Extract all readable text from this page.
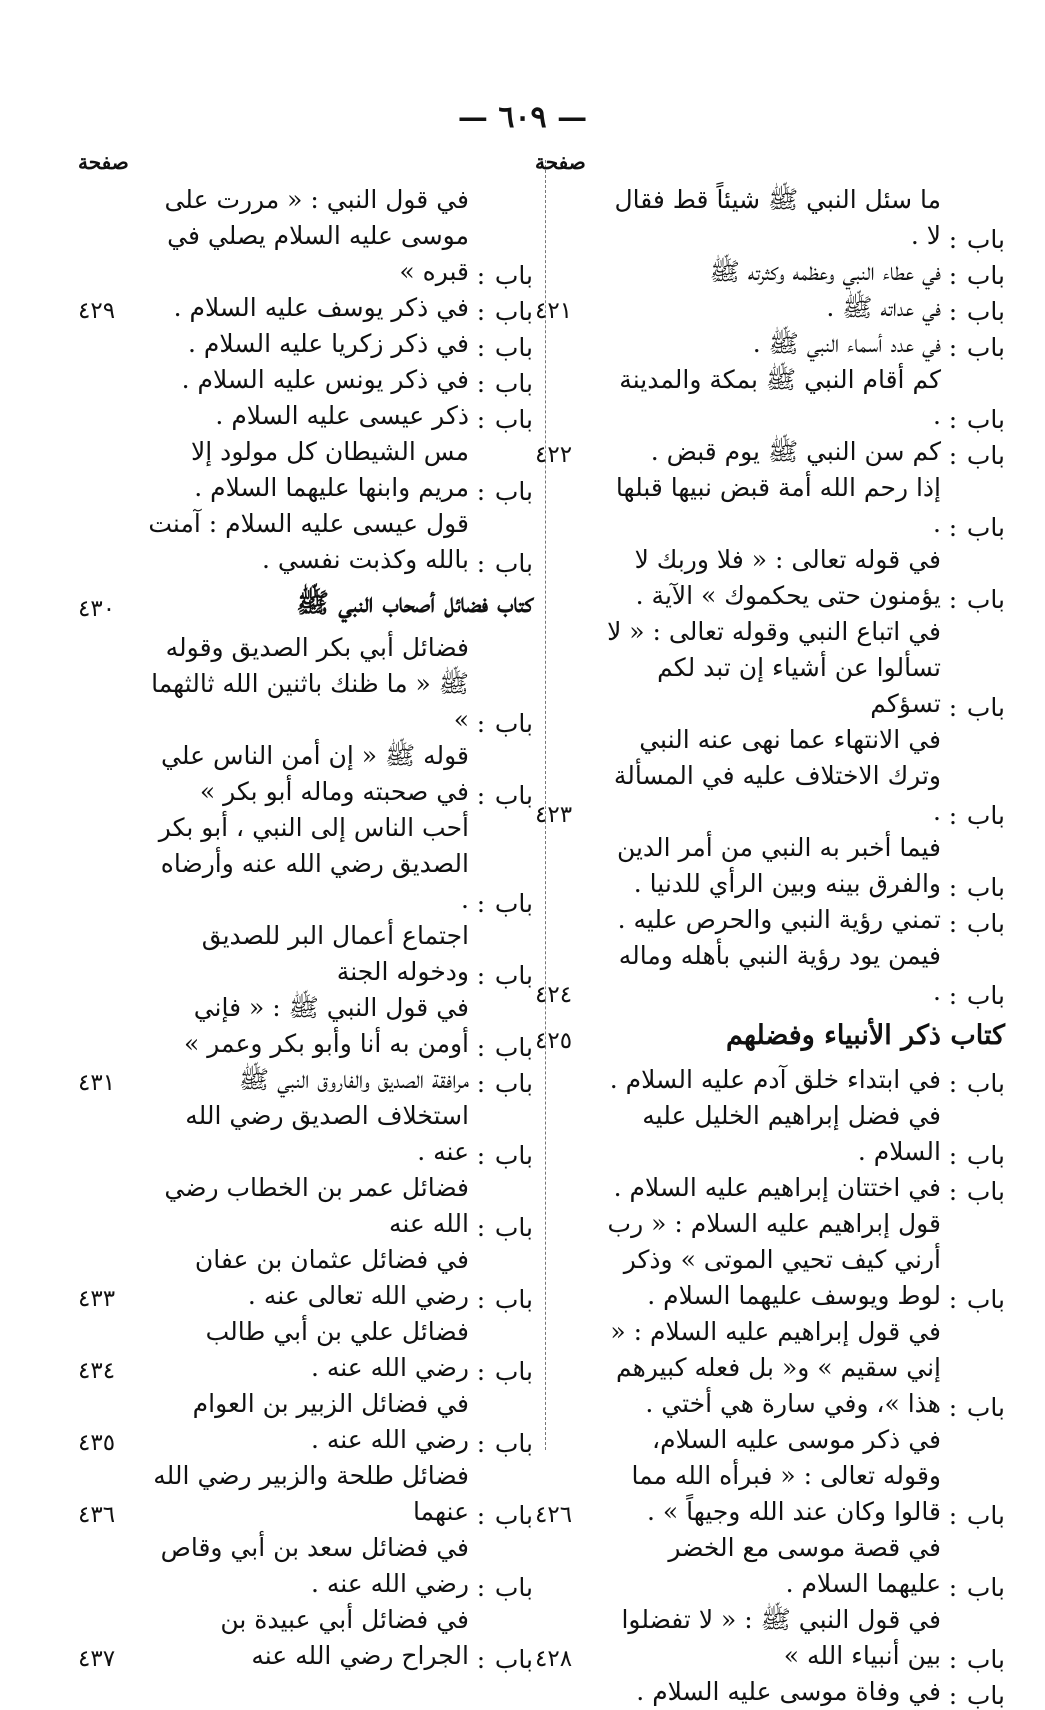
— ٦٠٩ —
صفحة
باب
:
ما سئل النبي ﷺ شيئاً قط فقال لا .
باب
:
في عطاء النبي وعظمه وكثرته ﷺ
باب
:
في عداته ﷺ .
٤٢١
باب
:
في عدد أسماء النبي ﷺ .
باب
:
كم أقام النبي ﷺ بمكة والمدينة .
باب
:
كم سن النبي ﷺ يوم قبض .
٤٢٢
باب
:
إذا رحم الله أمة قبض نبيها قبلها .
باب
:
في قوله تعالى : « فلا وربك لا يؤمنون حتى يحكموك » الآية .
باب
:
في اتباع النبي وقوله تعالى : « لا تسألوا عن أشياء إن تبد لكم تسؤكم
باب
:
في الانتهاء عما نهى عنه النبي وترك الاختلاف عليه في المسألة .
٤٢٣
باب
:
فيما أخبر به النبي من أمر الدين والفرق بينه وبين الرأي للدنيا .
باب
:
تمني رؤية النبي والحرص عليه .
باب
:
فيمن يود رؤية النبي بأهله وماله .
٤٢٤
كتاب ذكر الأنبياء وفضلهم
٤٢٥
باب
:
في ابتداء خلق آدم عليه السلام .
باب
:
في فضل إبراهيم الخليل عليه السلام .
باب
:
في اختتان إبراهيم عليه السلام .
باب
:
قول إبراهيم عليه السلام : « رب أرني كيف تحيي الموتى » وذكر لوط ويوسف عليهما السلام .
باب
:
في قول إبراهيم عليه السلام : « إني سقيم » و« بل فعله كبيرهم هذا »، وفي سارة هي أختي .
باب
:
في ذكر موسى عليه السلام، وقوله تعالى : « فبرأه الله مما قالوا وكان عند الله وجيهاً » .
٤٢٦
باب
:
في قصة موسى مع الخضر عليهما السلام .
باب
:
في قول النبي ﷺ : « لا تفضلوا بين أنبياء الله »
٤٢٨
باب
:
في وفاة موسى عليه السلام .
صفحة
باب
:
في قول النبي : « مررت على موسى عليه السلام يصلي في قبره »
باب
:
في ذكر يوسف عليه السلام .
٤٢٩
باب
:
في ذكر زكريا عليه السلام .
باب
:
في ذكر يونس عليه السلام .
باب
:
ذكر عيسى عليه السلام .
باب
:
مس الشيطان كل مولود إلا مريم وابنها عليهما السلام .
باب
:
قول عيسى عليه السلام : آمنت بالله وكذبت نفسي .
كتاب فضائل أصحاب النبي ﷺ
٤٣٠
باب
:
فضائل أبي بكر الصديق وقوله ﷺ « ما ظنك باثنين الله ثالثهما »
باب
:
قوله ﷺ « إن أمن الناس علي في صحبته وماله أبو بكر »
باب
:
أحب الناس إلى النبي ، أبو بكر الصديق رضي الله عنه وأرضاه .
باب
:
اجتماع أعمال البر للصديق ودخوله الجنة
باب
:
في قول النبي ﷺ : « فإني أومن به أنا وأبو بكر وعمر »
باب
:
مرافقة الصديق والفاروق النبي ﷺ
٤٣١
باب
:
استخلاف الصديق رضي الله عنه .
باب
:
فضائل عمر بن الخطاب رضي الله عنه
باب
:
في فضائل عثمان بن عفان رضي الله تعالى عنه .
٤٣٣
باب
:
فضائل علي بن أبي طالب رضي الله عنه .
٤٣٤
باب
:
في فضائل الزبير بن العوام رضي الله عنه .
٤٣٥
باب
:
فضائل طلحة والزبير رضي الله عنهما
٤٣٦
باب
:
في فضائل سعد بن أبي وقاص رضي الله عنه .
باب
:
في فضائل أبي عبيدة بن الجراح رضي الله عنه
٤٣٧
